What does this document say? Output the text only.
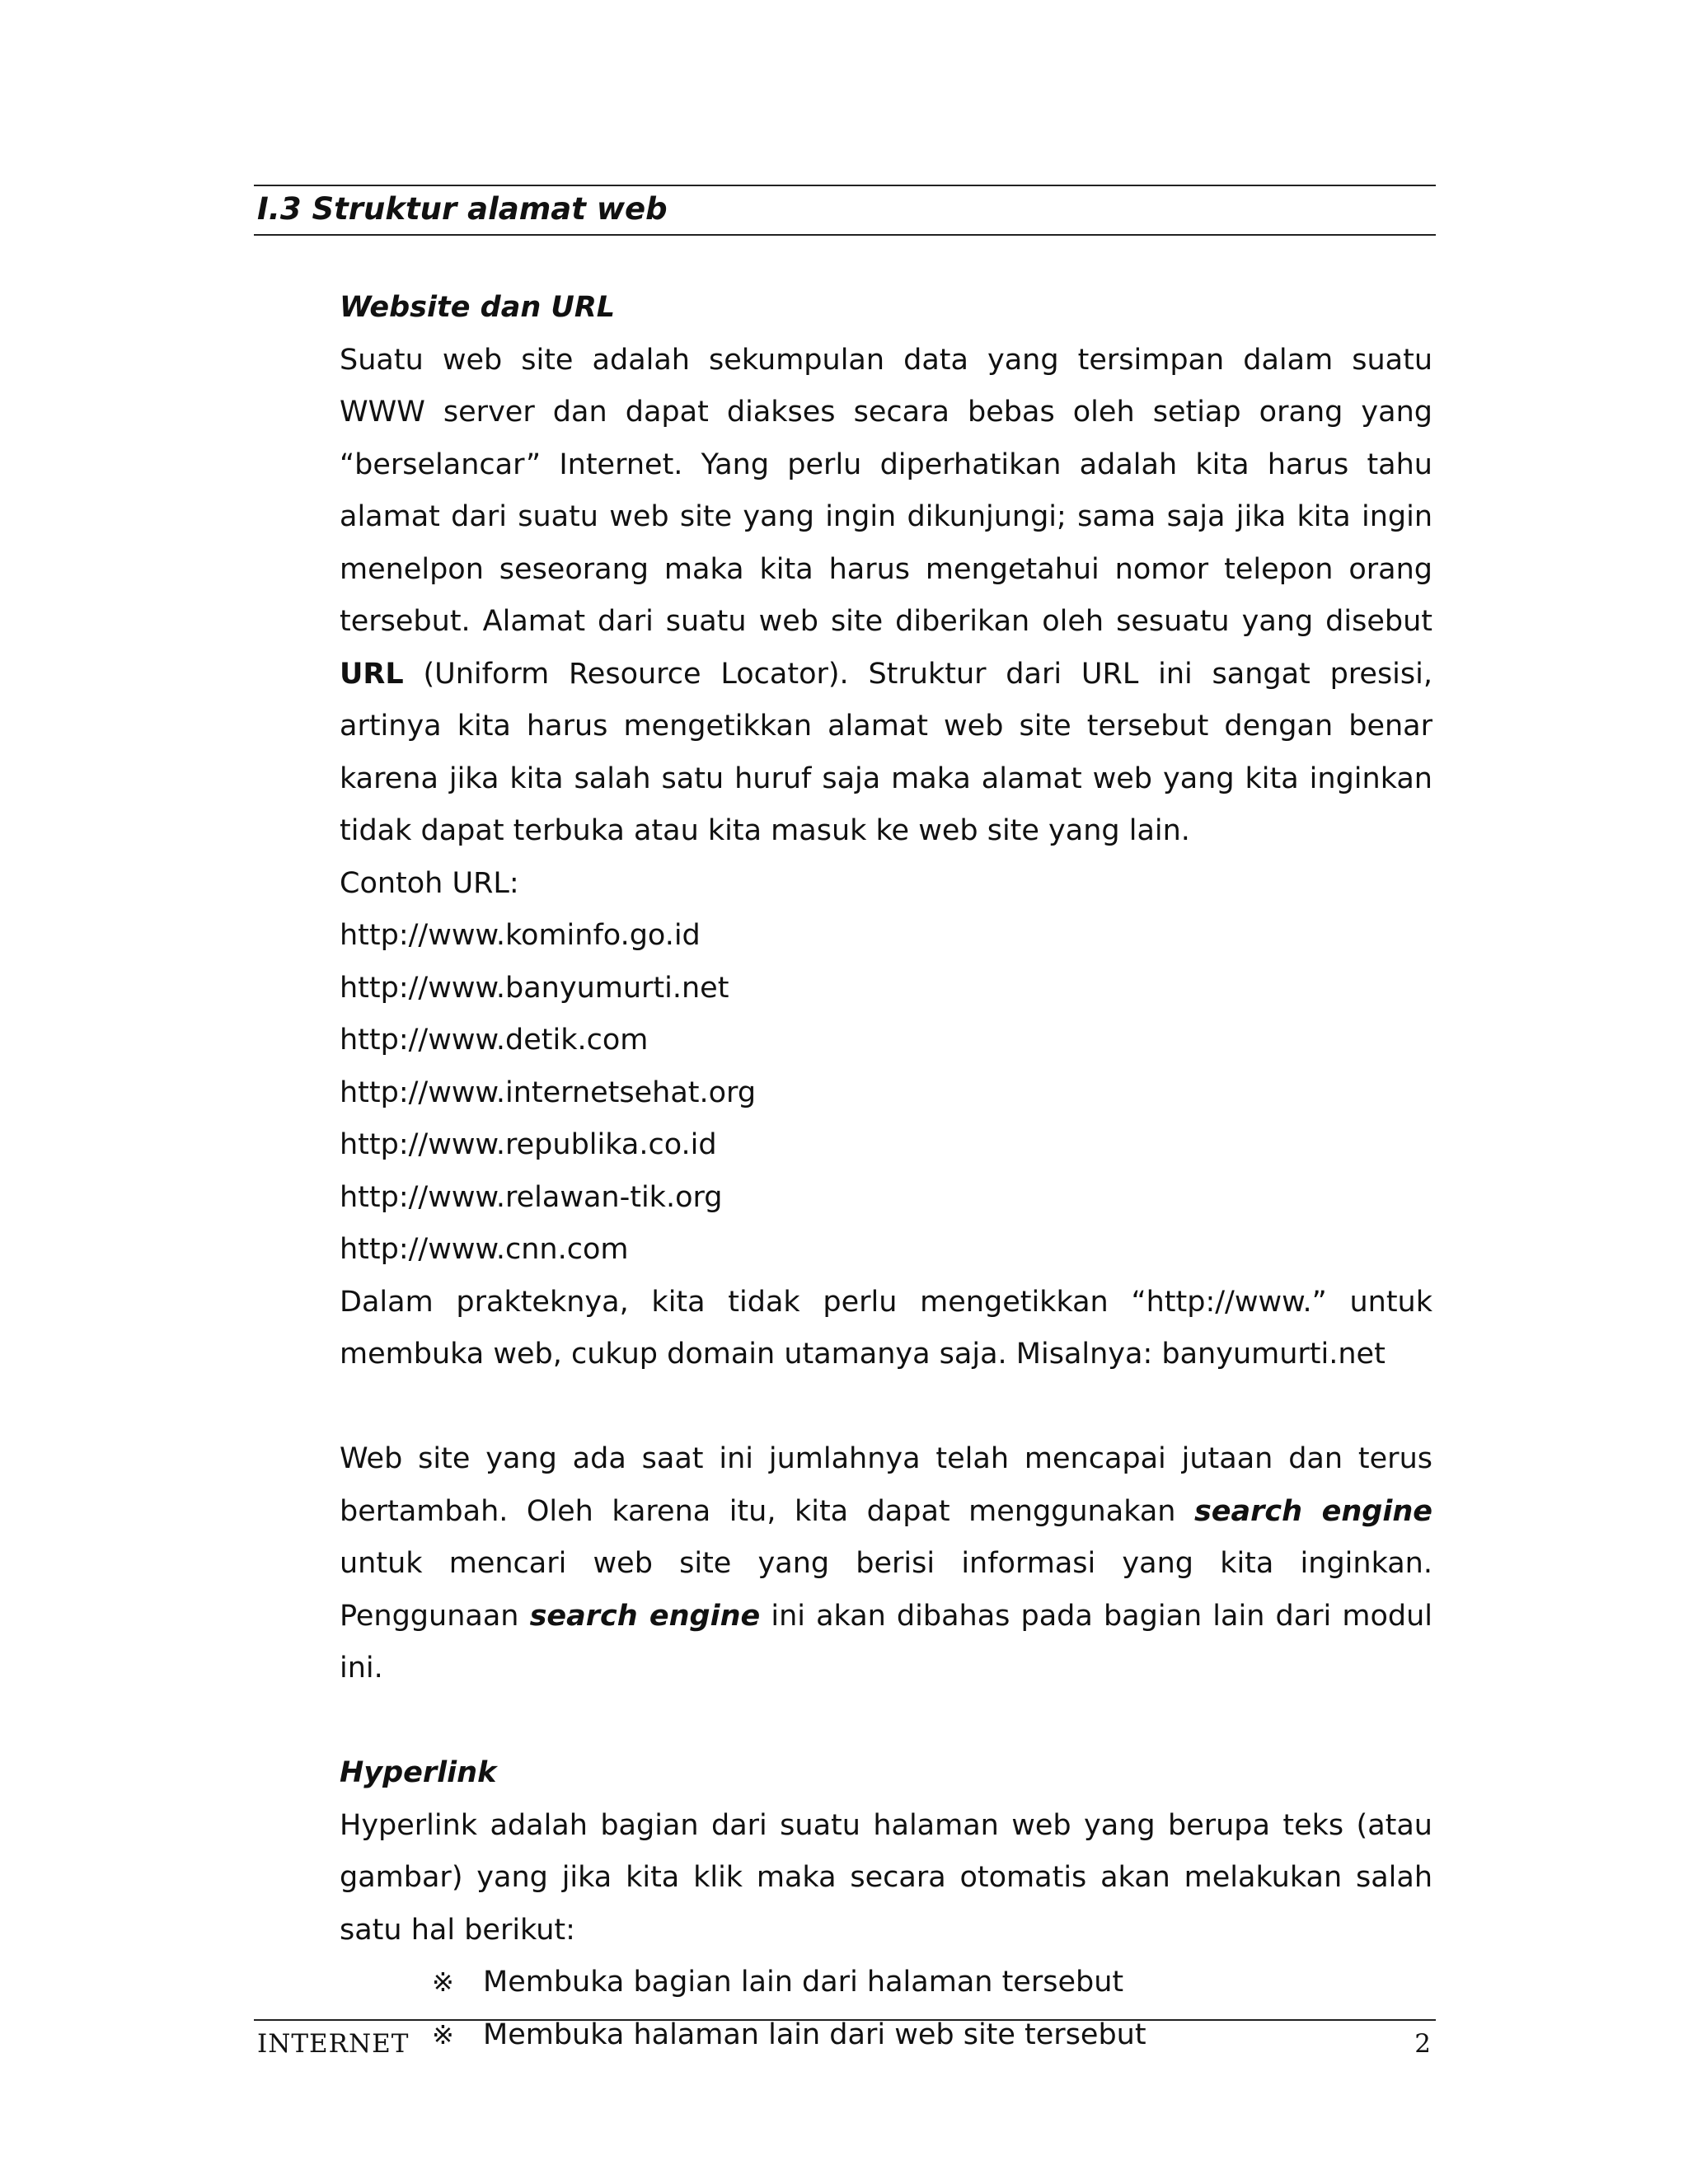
I.3 Struktur alamat web
Website dan URL
Suatu web site adalah sekumpulan data yang tersimpan dalam suatu WWW server dan dapat diakses secara bebas oleh setiap orang yang “berselancar” Internet. Yang perlu diperhatikan adalah kita harus tahu alamat dari suatu web site yang ingin dikunjungi; sama saja jika kita ingin menelpon seseorang maka kita harus mengetahui nomor telepon orang tersebut. Alamat dari suatu web site diberikan oleh sesuatu yang disebut URL (Uniform Resource Locator). Struktur dari URL ini sangat presisi, artinya kita harus mengetikkan alamat web site tersebut dengan benar karena jika kita salah satu huruf saja maka alamat web yang kita inginkan tidak dapat terbuka atau kita masuk ke web site yang lain.
Contoh URL:
http://www.kominfo.go.id
http://www.banyumurti.net
http://www.detik.com
http://www.internetsehat.org
http://www.republika.co.id
http://www.relawan-tik.org
http://www.cnn.com
Dalam prakteknya, kita tidak perlu mengetikkan “http://www.” untuk membuka web, cukup domain utamanya saja. Misalnya: banyumurti.net
Web site yang ada saat ini jumlahnya telah mencapai jutaan dan terus bertambah. Oleh karena itu, kita dapat menggunakan search engine untuk mencari web site yang berisi informasi yang kita inginkan. Penggunaan search engine ini akan dibahas pada bagian lain dari modul ini.
Hyperlink
Hyperlink adalah bagian dari suatu halaman web yang berupa teks (atau gambar) yang jika kita klik maka secara otomatis akan melakukan salah satu hal berikut:
※ Membuka bagian lain dari halaman tersebut
※ Membuka halaman lain dari web site tersebut
INTERNET	2
